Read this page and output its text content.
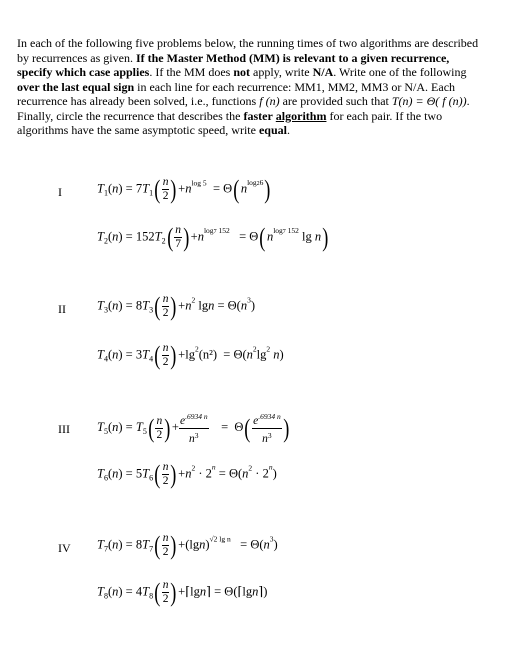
In each of the following five problems below, the running times of two algorithms are described by recurrences as given. If the Master Method (MM) is relevant to a given recurrence, specify which case applies. If the MM does not apply, write N/A. Write one of the following over the last equal sign in each line for each recurrence: MM1, MM2, MM3 or N/A. Each recurrence has already been solved, i.e., functions f (n) are provided such that T(n) = Θ( f (n)). Finally, circle the recurrence that describes the faster algorithm for each pair. If the two algorithms have the same asymptotic speed, write equal.
I
II
III
IV
$T_1(n) = 7T_1( \frac{n}{2} )+n^{log 5} = \Theta(n^{log26})$
$T_2(n) = 152T_2( \frac{n}{7} )+n^{log7 152} = \Theta(n^{log7 152}$ lg n)
$T_3(n) = 8T_3( \frac{n}{2} )+n^2$ $\lg n = \Theta(n^3)$
$T_4(n) = 3T_4( \frac{n}{2} )+\lg^2(n^2) = \Theta(n^2\lg^2$ n)
$T_5(n) = T_5( \frac{n}{2}$ )+ $\frac{e^{.6934 n}}{n^3} = \Theta( \frac{e^{.6934 n}}{n^3}$ )
$T_6(n) = 5T_6( \frac{n}{2} )+n^2 \cdot 2^n = \Theta(n^2 \cdot 2^n)$
$T_7(n) = 8T_7( \frac{n}{2} )+(\lg n)^{√2 lg n} = \Theta(n^3)$
$T_8(n) = 4T_8( \frac{n}{2}$ )+⌈lgn⌉ = Θ(⌈lgn⌉)
